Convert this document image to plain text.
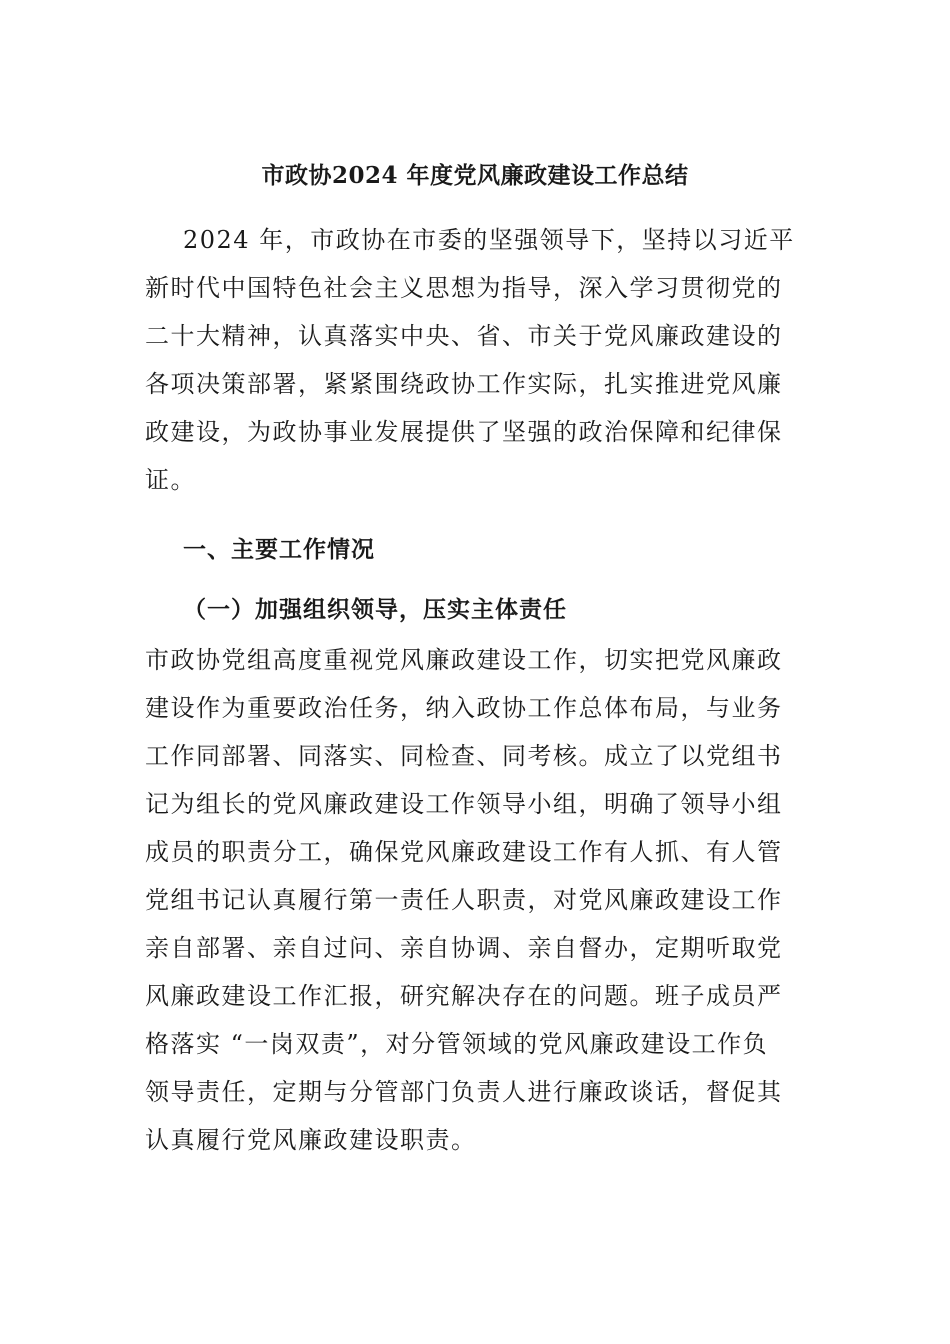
市政协2024 年度党风廉政建设工作总结
2024 年，市政协在市委的坚强领导下，坚持以习近平
新时代中国特色社会主义思想为指导，深入学习贯彻党的
二十大精神，认真落实中央、省、市关于党风廉政建设的
各项决策部署，紧紧围绕政协工作实际，扎实推进党风廉
政建设，为政协事业发展提供了坚强的政治保障和纪律保
证。
一、主要工作情况
（一）加强组织领导，压实主体责任
市政协党组高度重视党风廉政建设工作，切实把党风廉政
建设作为重要政治任务，纳入政协工作总体布局，与业务
工作同部署、同落实、同检查、同考核。成立了以党组书
记为组长的党风廉政建设工作领导小组，明确了领导小组
成员的职责分工，确保党风廉政建设工作有人抓、有人管
党组书记认真履行第一责任人职责，对党风廉政建设工作
亲自部署、亲自过问、亲自协调、亲自督办，定期听取党
风廉政建设工作汇报，研究解决存在的问题。班子成员严
格落实 “一岗双责”，对分管领域的党风廉政建设工作负
领导责任，定期与分管部门负责人进行廉政谈话，督促其
认真履行党风廉政建设职责。
